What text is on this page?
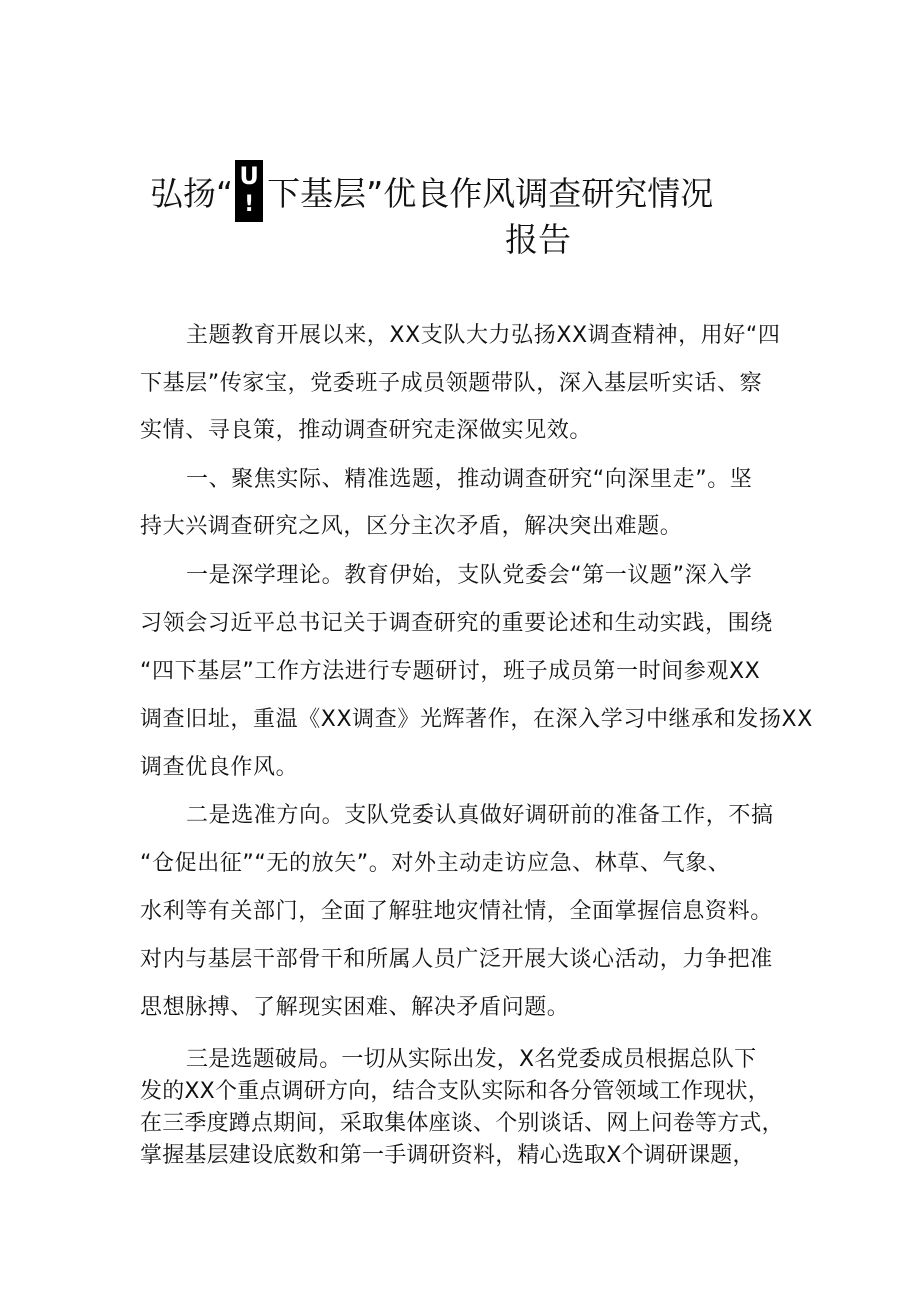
弘扬“ U
! 下基层”优良作风调查研究情况
报告
主题教育开展以来，XX支队大力弘扬XX调查精神，用好“四
下基层”传家宝，党委班子成员领题带队，深入基层听实话、察
实情、寻良策，推动调查研究走深做实见效。
一、聚焦实际、精准选题，推动调查研究“向深里走”。坚
持大兴调查研究之风，区分主次矛盾，解决突出难题。
一是深学理论。教育伊始，支队党委会“第一议题”深入学
习领会习近平总书记关于调查研究的重要论述和生动实践，围绕
“四下基层”工作方法进行专题研讨，班子成员第一时间参观XX
调查旧址，重温《XX调查》光辉著作，在深入学习中继承和发扬XX
调查优良作风。
二是选准方向。支队党委认真做好调研前的准备工作，不搞
“仓促出征”“无的放矢”。对外主动走访应急、林草、气象、
水利等有关部门，全面了解驻地灾情社情，全面掌握信息资料。
对内与基层干部骨干和所属人员广泛开展大谈心活动，力争把准
思想脉搏、了解现实困难、解决矛盾问题。
三是选题破局。一切从实际出发，X名党委成员根据总队下
发的XX个重点调研方向，结合支队实际和各分管领域工作现状，
在三季度蹲点期间，采取集体座谈、个别谈话、网上问卷等方式，
掌握基层建设底数和第一手调研资料，精心选取X个调研课题，
